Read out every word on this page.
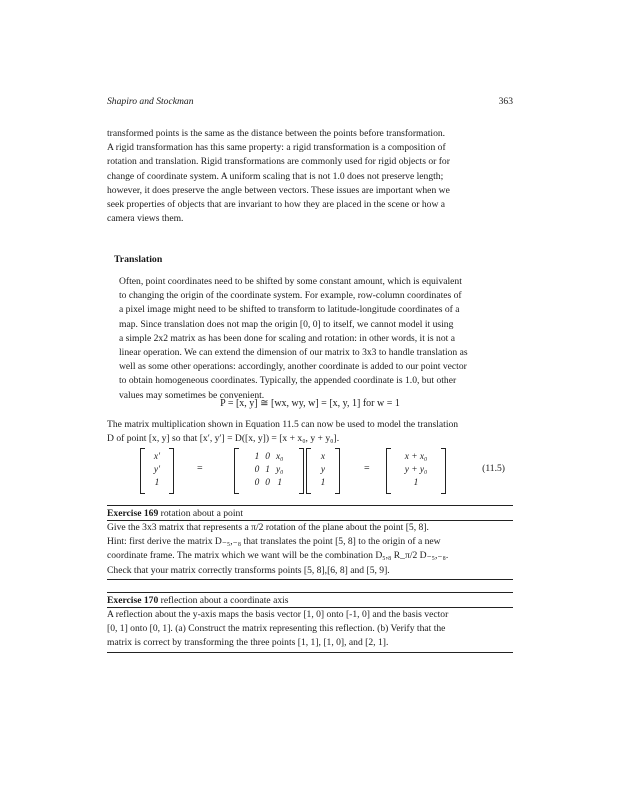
Shapiro and Stockman	363
transformed points is the same as the distance between the points before transformation.
A rigid transformation has this same property: a rigid transformation is a composition of
rotation and translation. Rigid transformations are commonly used for rigid objects or for
change of coordinate system. A uniform scaling that is not 1.0 does not preserve length;
however, it does preserve the angle between vectors. These issues are important when we
seek properties of objects that are invariant to how they are placed in the scene or how a
camera views them.
Translation
Often, point coordinates need to be shifted by some constant amount, which is equivalent
to changing the origin of the coordinate system. For example, row-column coordinates of
a pixel image might need to be shifted to transform to latitude-longitude coordinates of a
map. Since translation does not map the origin [0, 0] to itself, we cannot model it using
a simple 2x2 matrix as has been done for scaling and rotation: in other words, it is not a
linear operation. We can extend the dimension of our matrix to 3x3 to handle translation as
well as some other operations: accordingly, another coordinate is added to our point vector
to obtain homogeneous coordinates. Typically, the appended coordinate is 1.0, but other
values may sometimes be convenient.
P = [x, y] ≅ [wx, wy, w] = [x, y, 1] for w = 1
The matrix multiplication shown in Equation 11.5 can now be used to model the translation
D of point [x, y] so that [x′, y′] = D([x, y]) = [x + x₀, y + y₀].
x′
y′
1
=
1	0	x₀
0	1	y₀
0	0	1
x
y
1
=
x + x₀
y + y₀
1
(11.5)
Exercise 169 rotation about a point
Give the 3x3 matrix that represents a π/2 rotation of the plane about the point [5, 8].
Hint: first derive the matrix D₋₅,₋₈ that translates the point [5, 8] to the origin of a new
coordinate frame. The matrix which we want will be the combination D₅,₈ R_π/2 D₋₅,₋₈.
Check that your matrix correctly transforms points [5, 8],[6, 8] and [5, 9].
Exercise 170 reflection about a coordinate axis
A reflection about the y-axis maps the basis vector [1, 0] onto [-1, 0] and the basis vector
[0, 1] onto [0, 1]. (a) Construct the matrix representing this reflection. (b) Verify that the
matrix is correct by transforming the three points [1, 1], [1, 0], and [2, 1].
